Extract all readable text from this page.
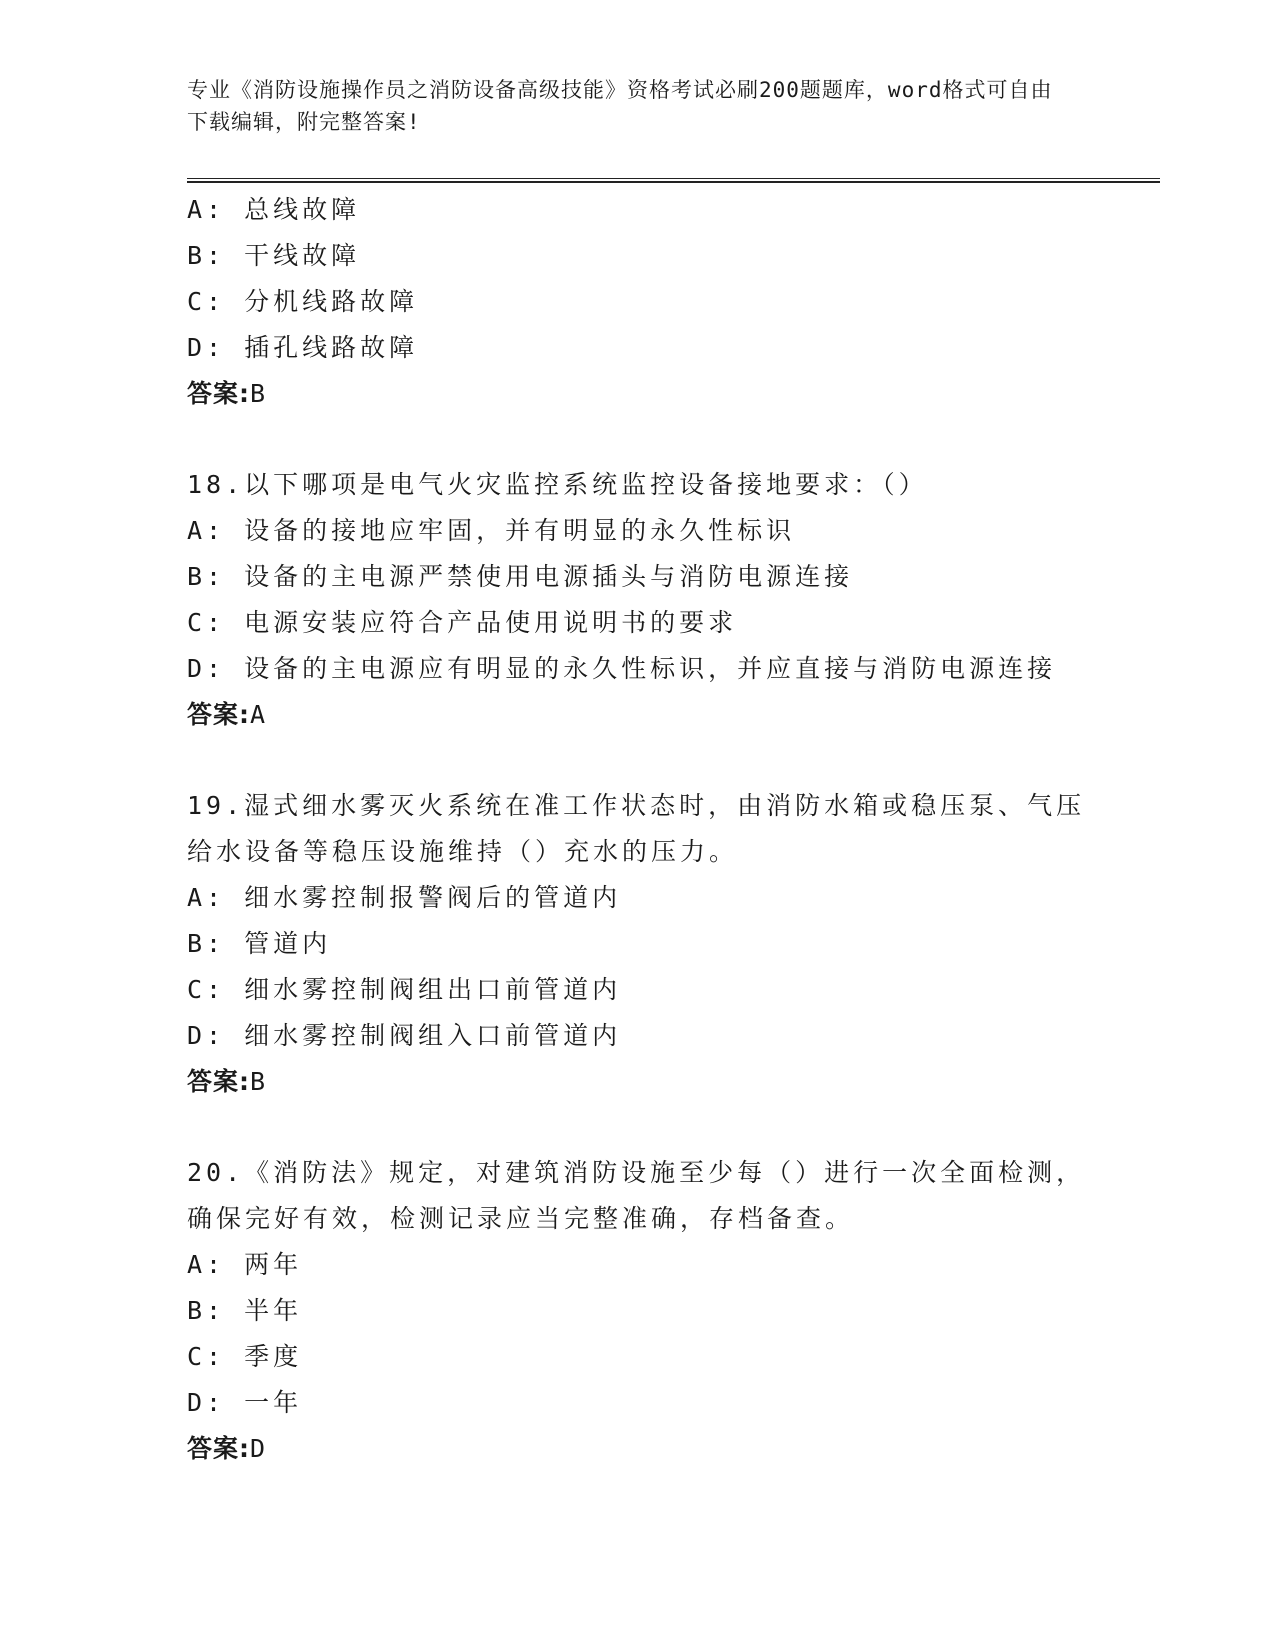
专业《消防设施操作员之消防设备高级技能》资格考试必刷200题题库，word格式可自由下载编辑，附完整答案!
A: 总线故障
B: 干线故障
C: 分机线路故障
D: 插孔线路故障
答案:B
18.以下哪项是电气火灾监控系统监控设备接地要求：（）
A: 设备的接地应牢固，并有明显的永久性标识
B: 设备的主电源严禁使用电源插头与消防电源连接
C: 电源安装应符合产品使用说明书的要求
D: 设备的主电源应有明显的永久性标识，并应直接与消防电源连接
答案:A
19.湿式细水雾灭火系统在准工作状态时，由消防水箱或稳压泵、气压给水设备等稳压设施维持（）充水的压力。
A: 细水雾控制报警阀后的管道内
B: 管道内
C: 细水雾控制阀组出口前管道内
D: 细水雾控制阀组入口前管道内
答案:B
20.《消防法》规定，对建筑消防设施至少每（）进行一次全面检测，确保完好有效，检测记录应当完整准确，存档备查。
A: 两年
B: 半年
C: 季度
D: 一年
答案:D
